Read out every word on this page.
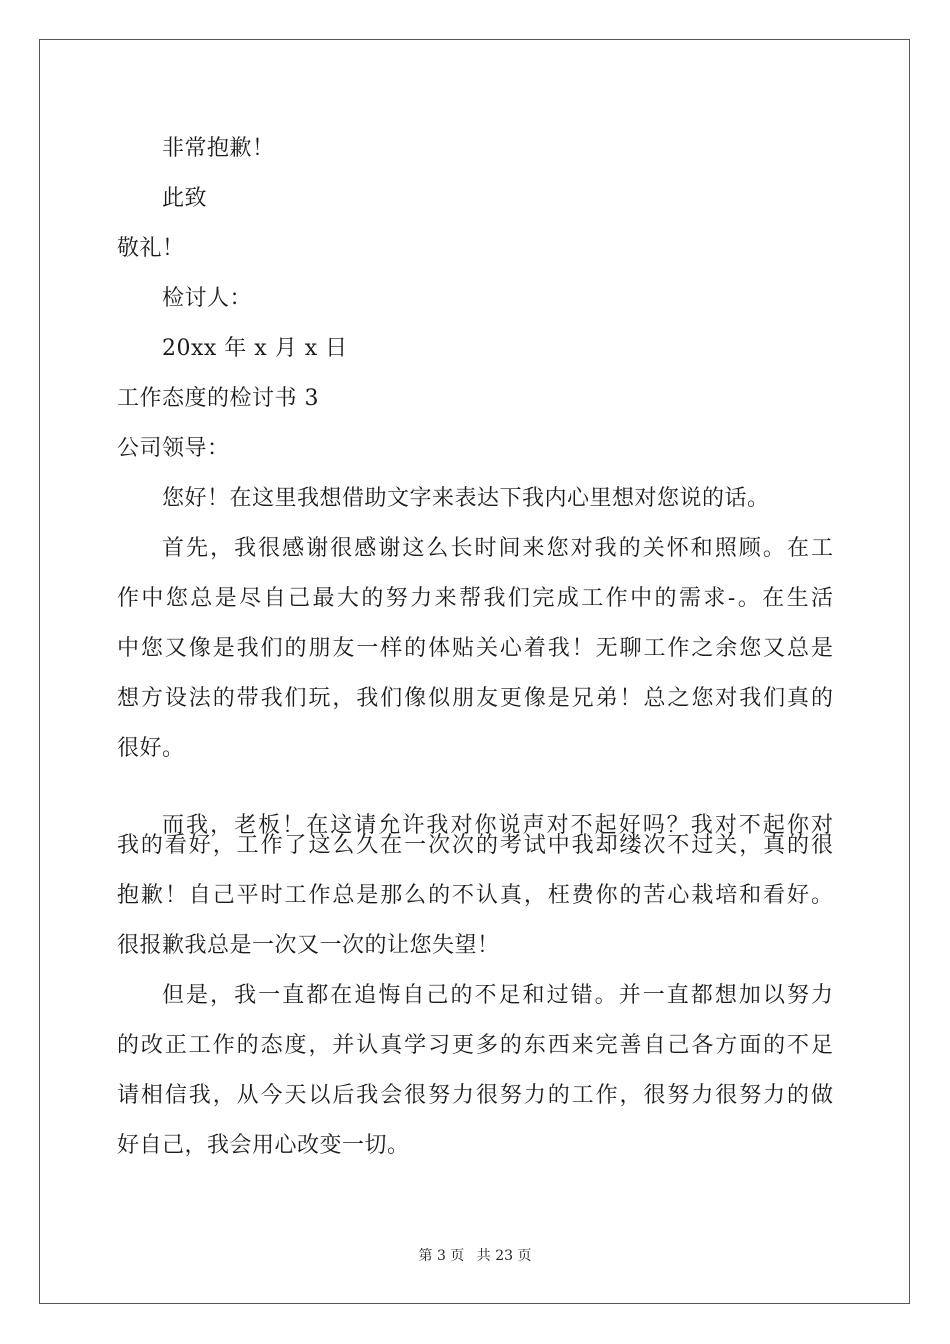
非常抱歉！
此致
敬礼！
检讨人：
20xx 年 x 月 x 日
工作态度的检讨书 3
公司领导：
您好！在这里我想借助文字来表达下我内心里想对您说的话。
首先，我很感谢很感谢这么长时间来您对我的关怀和照顾。在工
作中您总是尽自己最大的努力来帮我们完成工作中的需求-。在生活
中您又像是我们的朋友一样的体贴关心着我！无聊工作之余您又总是
想方设法的带我们玩，我们像似朋友更像是兄弟！总之您对我们真的
很好。
而我，老板！在这请允许我对你说声对不起好吗？我对不起你对
我的看好，工作了这么久在一次次的考试中我却缕次不过关，真的很
抱歉！自己平时工作总是那么的不认真，枉费你的苦心栽培和看好。
很报歉我总是一次又一次的让您失望！
但是，我一直都在追悔自己的不足和过错。并一直都想加以努力
的改正工作的态度，并认真学习更多的东西来完善自己各方面的不足
请相信我，从今天以后我会很努力很努力的工作，很努力很努力的做
好自己，我会用心改变一切。
第 3 页 共 23 页
